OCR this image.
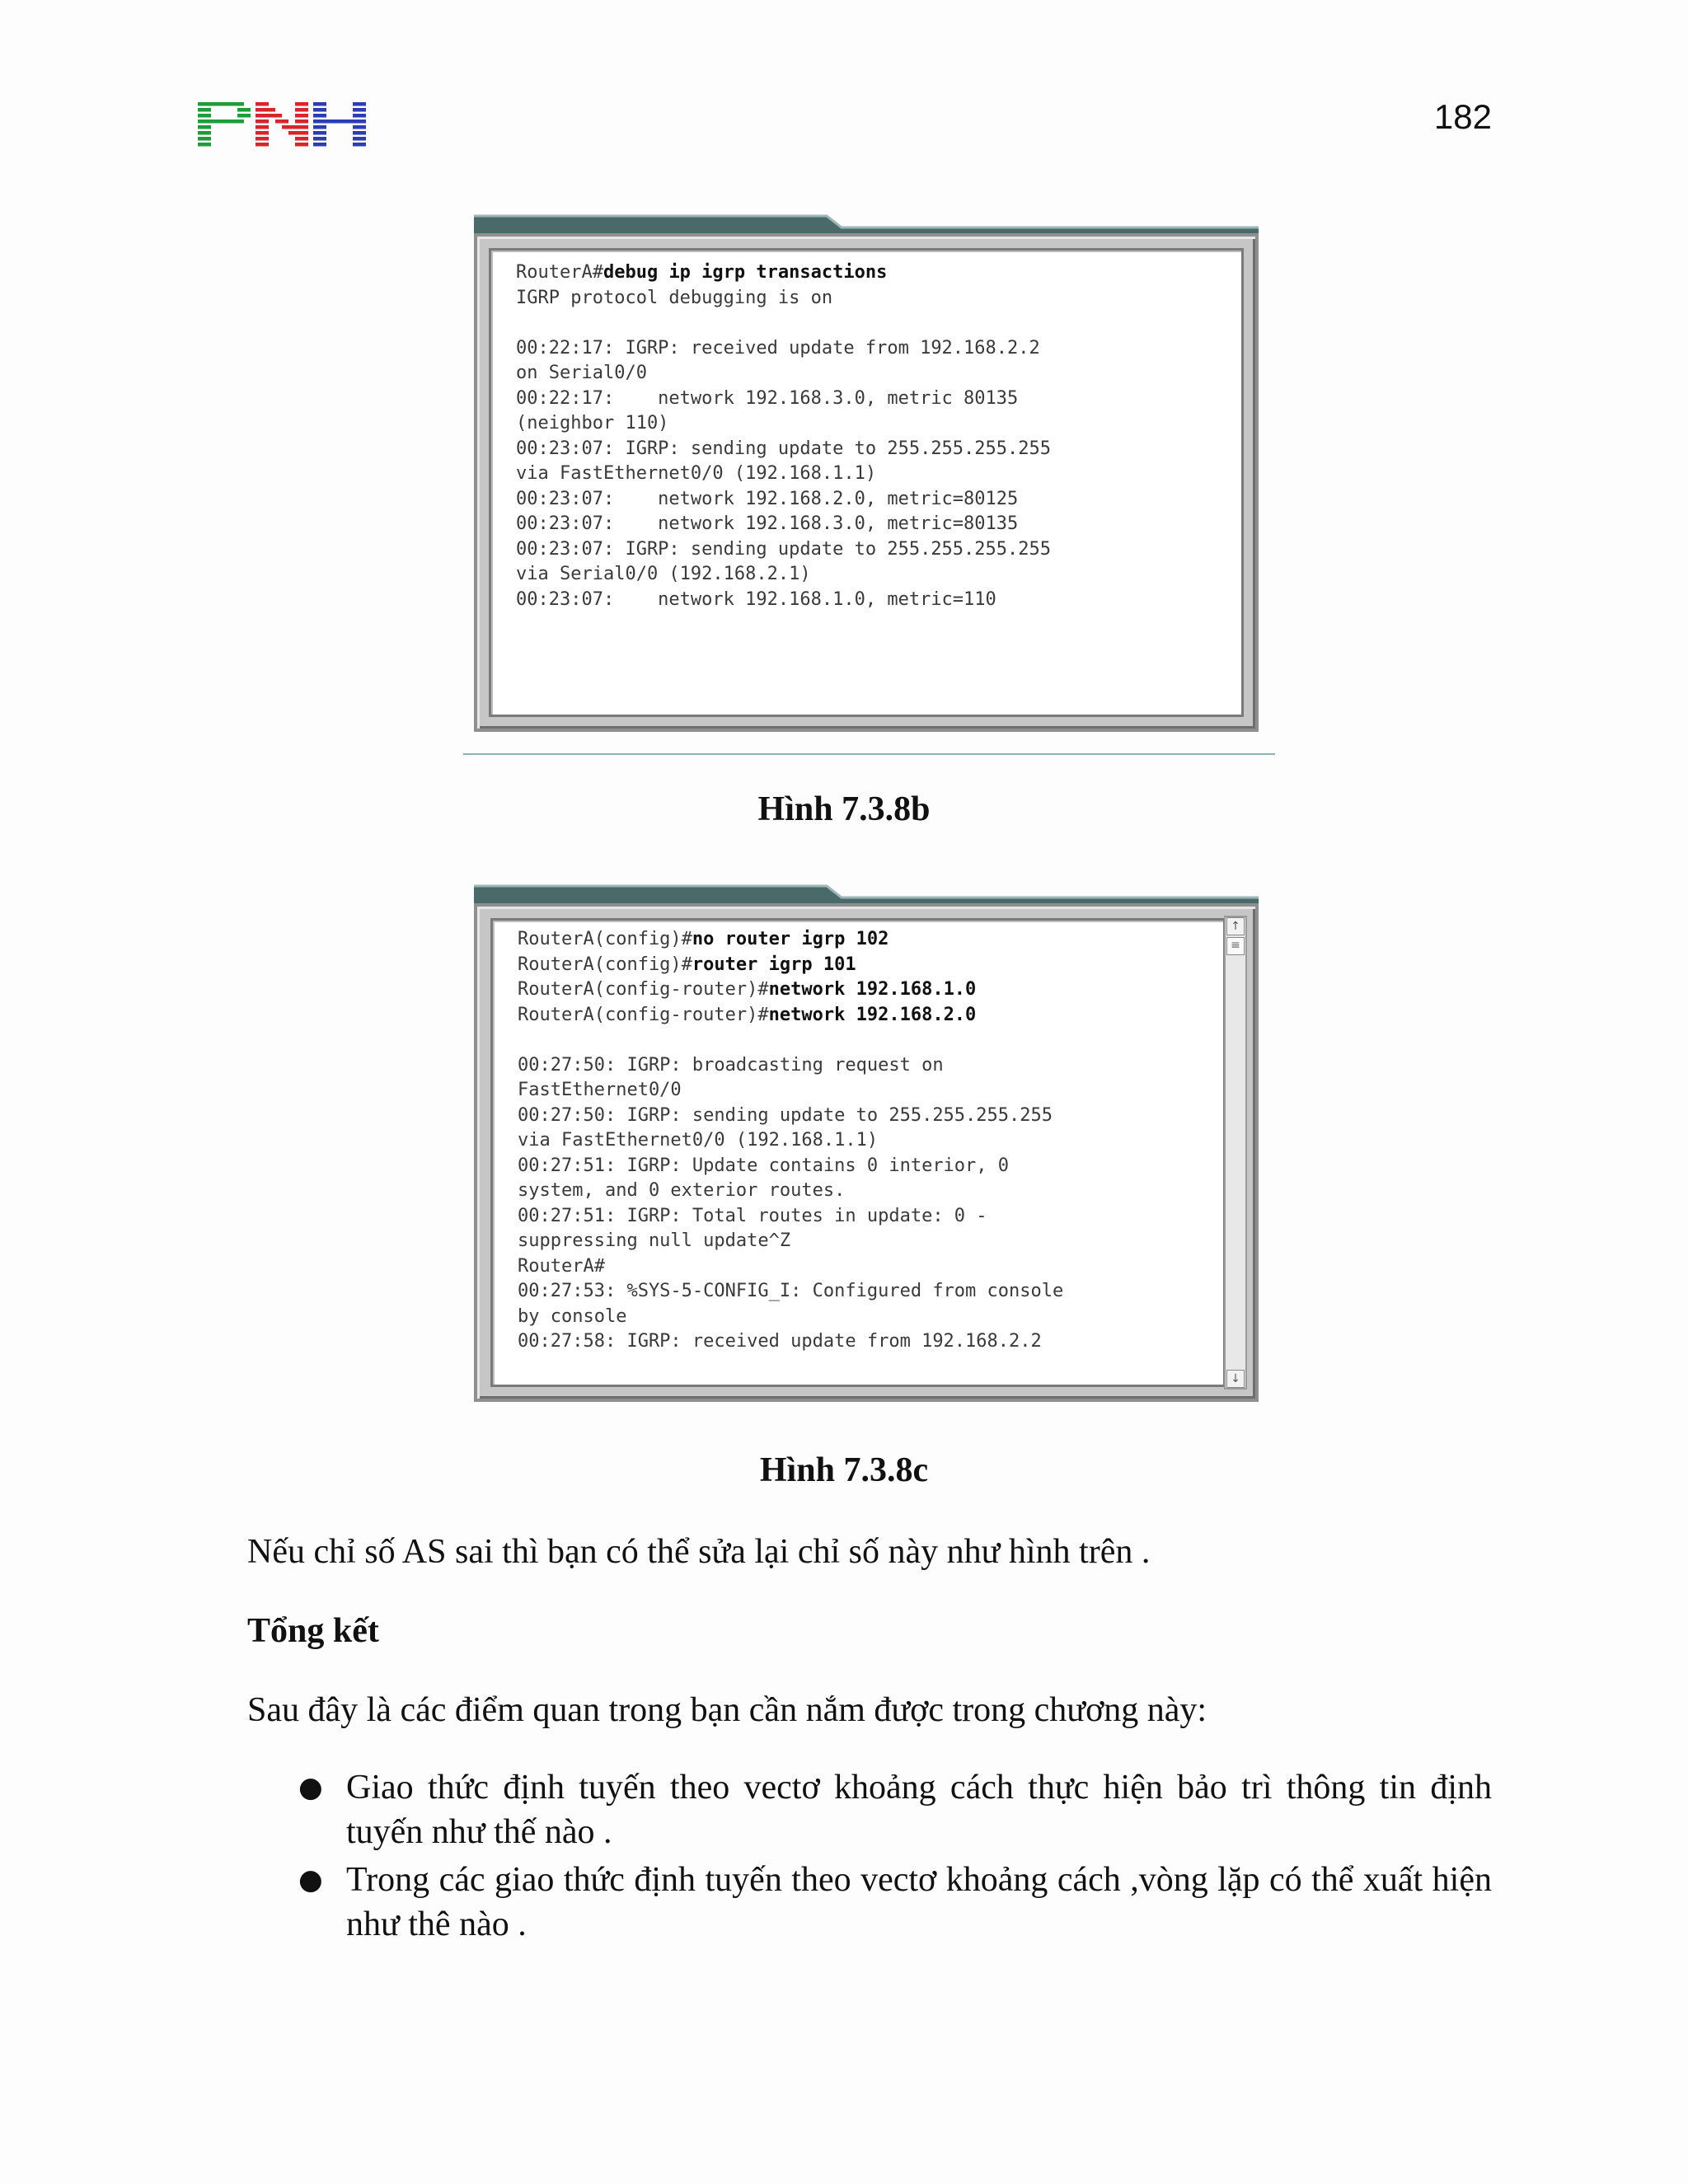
182
RouterA#debug ip igrp transactions
IGRP protocol debugging is on
00:22:17: IGRP: received update from 192.168.2.2
on Serial0/0
00:22:17:    network 192.168.3.0, metric 80135
(neighbor 110)
00:23:07: IGRP: sending update to 255.255.255.255
via FastEthernet0/0 (192.168.1.1)
00:23:07:    network 192.168.2.0, metric=80125
00:23:07:    network 192.168.3.0, metric=80135
00:23:07: IGRP: sending update to 255.255.255.255
via Serial0/0 (192.168.2.1)
00:23:07:    network 192.168.1.0, metric=110
Hình 7.3.8b
RouterA(config)#no router igrp 102
RouterA(config)#router igrp 101
RouterA(config-router)#network 192.168.1.0
RouterA(config-router)#network 192.168.2.0
00:27:50: IGRP: broadcasting request on
FastEthernet0/0
00:27:50: IGRP: sending update to 255.255.255.255
via FastEthernet0/0 (192.168.1.1)
00:27:51: IGRP: Update contains 0 interior, 0
system, and 0 exterior routes.
00:27:51: IGRP: Total routes in update: 0 -
suppressing null update^Z
RouterA#
00:27:53: %SYS-5-CONFIG_I: Configured from console
by console
00:27:58: IGRP: received update from 192.168.2.2
↑
≡
↓
Hình 7.3.8c
Nếu chỉ số AS sai thì bạn có thể sửa lại chỉ số này như hình trên .
Tổng kết
Sau đây là các điểm quan trong bạn cần nắm được trong chương này:
● Giao thức định tuyến theo vectơ khoảng cách thực hiện bảo trì thông tin định tuyến như thế nào .
● Trong các giao thức định tuyến theo vectơ khoảng cách ,vòng lặp có thể xuất hiện như thê nào .
